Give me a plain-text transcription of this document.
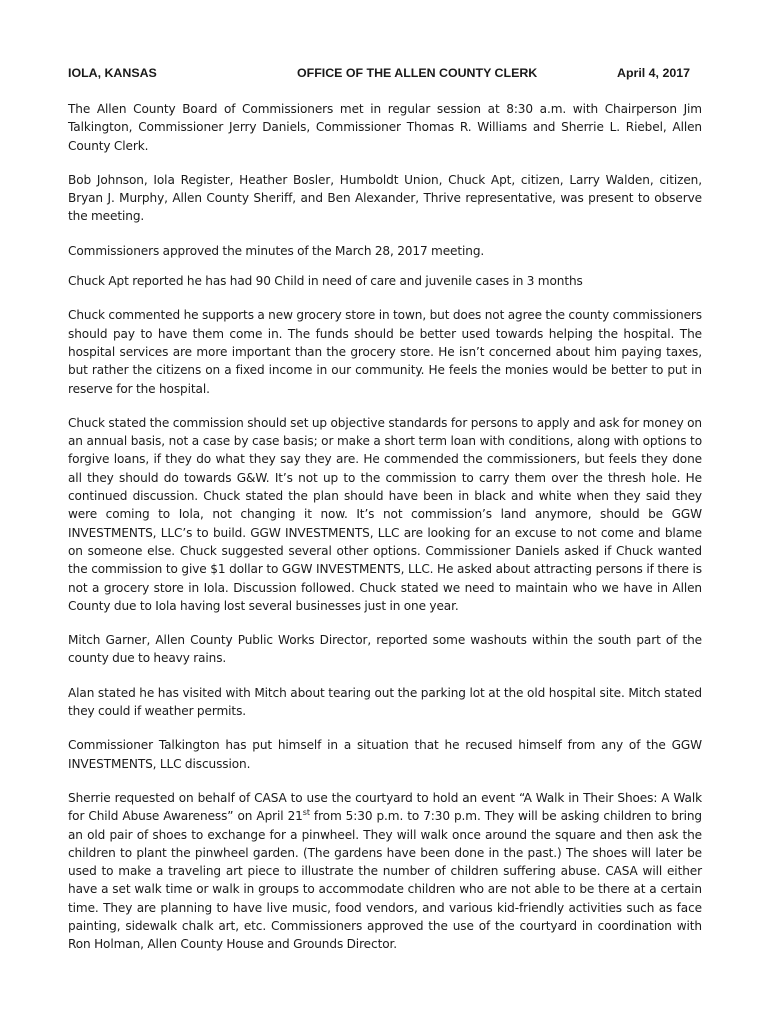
IOLA, KANSAS	OFFICE OF THE ALLEN COUNTY CLERK	April 4, 2017

The Allen County Board of Commissioners met in regular session at 8:30 a.m. with Chairperson Jim Talkington, Commissioner Jerry Daniels, Commissioner Thomas R. Williams and Sherrie L. Riebel, Allen County Clerk.

Bob Johnson, Iola Register, Heather Bosler, Humboldt Union, Chuck Apt, citizen, Larry Walden, citizen, Bryan J. Murphy, Allen County Sheriff, and Ben Alexander, Thrive representative, was present to observe the meeting.

Commissioners approved the minutes of the March 28, 2017 meeting.

Chuck Apt reported he has had 90 Child in need of care and juvenile cases in 3 months

Chuck commented he supports a new grocery store in town, but does not agree the county commissioners should pay to have them come in. The funds should be better used towards helping the hospital. The hospital services are more important than the grocery store. He isn’t concerned about him paying taxes, but rather the citizens on a fixed income in our community. He feels the monies would be better to put in reserve for the hospital.

Chuck stated the commission should set up objective standards for persons to apply and ask for money on an annual basis, not a case by case basis; or make a short term loan with conditions, along with options to forgive loans, if they do what they say they are. He commended the commissioners, but feels they done all they should do towards G&W. It’s not up to the commission to carry them over the thresh hole. He continued discussion. Chuck stated the plan should have been in black and white when they said they were coming to Iola, not changing it now. It’s not commission’s land anymore, should be GGW INVESTMENTS, LLC’s to build. GGW INVESTMENTS, LLC are looking for an excuse to not come and blame on someone else. Chuck suggested several other options. Commissioner Daniels asked if Chuck wanted the commission to give $1 dollar to GGW INVESTMENTS, LLC. He asked about attracting persons if there is not a grocery store in Iola. Discussion followed. Chuck stated we need to maintain who we have in Allen County due to Iola having lost several businesses just in one year.

Mitch Garner, Allen County Public Works Director, reported some washouts within the south part of the county due to heavy rains.

Alan stated he has visited with Mitch about tearing out the parking lot at the old hospital site. Mitch stated they could if weather permits.

Commissioner Talkington has put himself in a situation that he recused himself from any of the GGW INVESTMENTS, LLC discussion.

Sherrie requested on behalf of CASA to use the courtyard to hold an event “A Walk in Their Shoes: A Walk for Child Abuse Awareness” on April 21st from 5:30 p.m. to 7:30 p.m. They will be asking children to bring an old pair of shoes to exchange for a pinwheel. They will walk once around the square and then ask the children to plant the pinwheel garden. (The gardens have been done in the past.) The shoes will later be used to make a traveling art piece to illustrate the number of children suffering abuse. CASA will either have a set walk time or walk in groups to accommodate children who are not able to be there at a certain time. They are planning to have live music, food vendors, and various kid-friendly activities such as face painting, sidewalk chalk art, etc. Commissioners approved the use of the courtyard in coordination with Ron Holman, Allen County House and Grounds Director.
